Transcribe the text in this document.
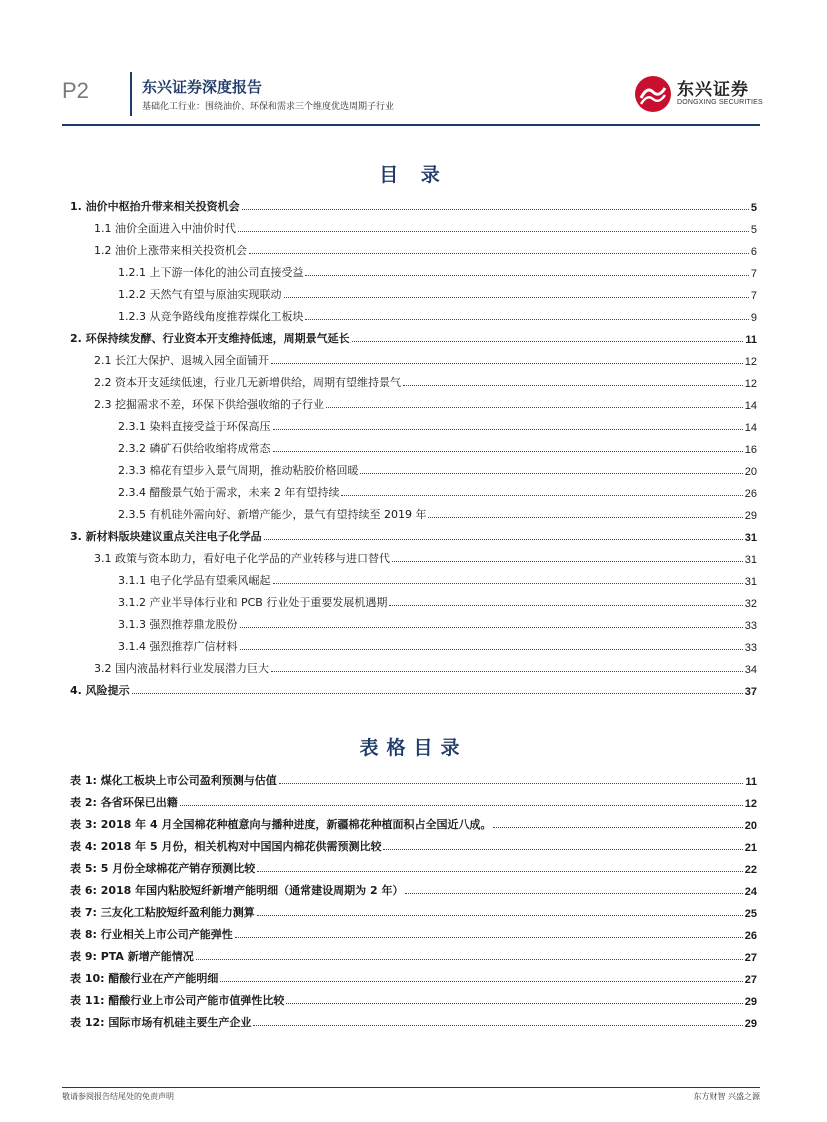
P2	东兴证券深度报告
基础化工行业：围绕油价、环保和需求三个维度优选周期子行业
东兴证券
DONGXING SECURITIES
目 录
1. 油价中枢抬升带来相关投资机会	5
1.1 油价全面进入中油价时代	5
1.2 油价上涨带来相关投资机会	6
1.2.1 上下游一体化的油公司直接受益	7
1.2.2 天然气有望与原油实现联动	7
1.2.3 从竞争路线角度推荐煤化工板块	9
2. 环保持续发酵、行业资本开支维持低速，周期景气延长	11
2.1 长江大保护、退城入园全面铺开	12
2.2 资本开支延续低速，行业几无新增供给，周期有望维持景气	12
2.3 挖掘需求不差，环保下供给强收缩的子行业	14
2.3.1 染料直接受益于环保高压	14
2.3.2 磷矿石供给收缩将成常态	16
2.3.3 棉花有望步入景气周期，推动粘胶价格回暖	20
2.3.4 醋酸景气始于需求，未来 2 年有望持续	26
2.3.5 有机硅外需向好、新增产能少，景气有望持续至 2019 年	29
3. 新材料版块建议重点关注电子化学品	31
3.1 政策与资本助力，看好电子化学品的产业转移与进口替代	31
3.1.1 电子化学品有望乘风崛起	31
3.1.2 产业半导体行业和 PCB 行业处于重要发展机遇期	32
3.1.3 强烈推荐鼎龙股份	33
3.1.4 强烈推荐广信材料	33
3.2 国内液晶材料行业发展潜力巨大	34
4. 风险提示	37
表格目录
表 1: 煤化工板块上市公司盈利预测与估值	11
表 2: 各省环保已出籍	12
表 3: 2018 年 4 月全国棉花种植意向与播种进度，新疆棉花种植面积占全国近八成。	20
表 4: 2018 年 5 月份，相关机构对中国国内棉花供需预测比较	21
表 5: 5 月份全球棉花产销存预测比较	22
表 6: 2018 年国内粘胶短纤新增产能明细（通常建设周期为 2 年）	24
表 7: 三友化工粘胶短纤盈利能力测算	25
表 8: 行业相关上市公司产能弹性	26
表 9: PTA 新增产能情况	27
表 10: 醋酸行业在产产能明细	27
表 11: 醋酸行业上市公司产能市值弹性比较	29
表 12: 国际市场有机硅主要生产企业	29
敬请参阅报告结尾处的免责声明	东方财智 兴盛之源
